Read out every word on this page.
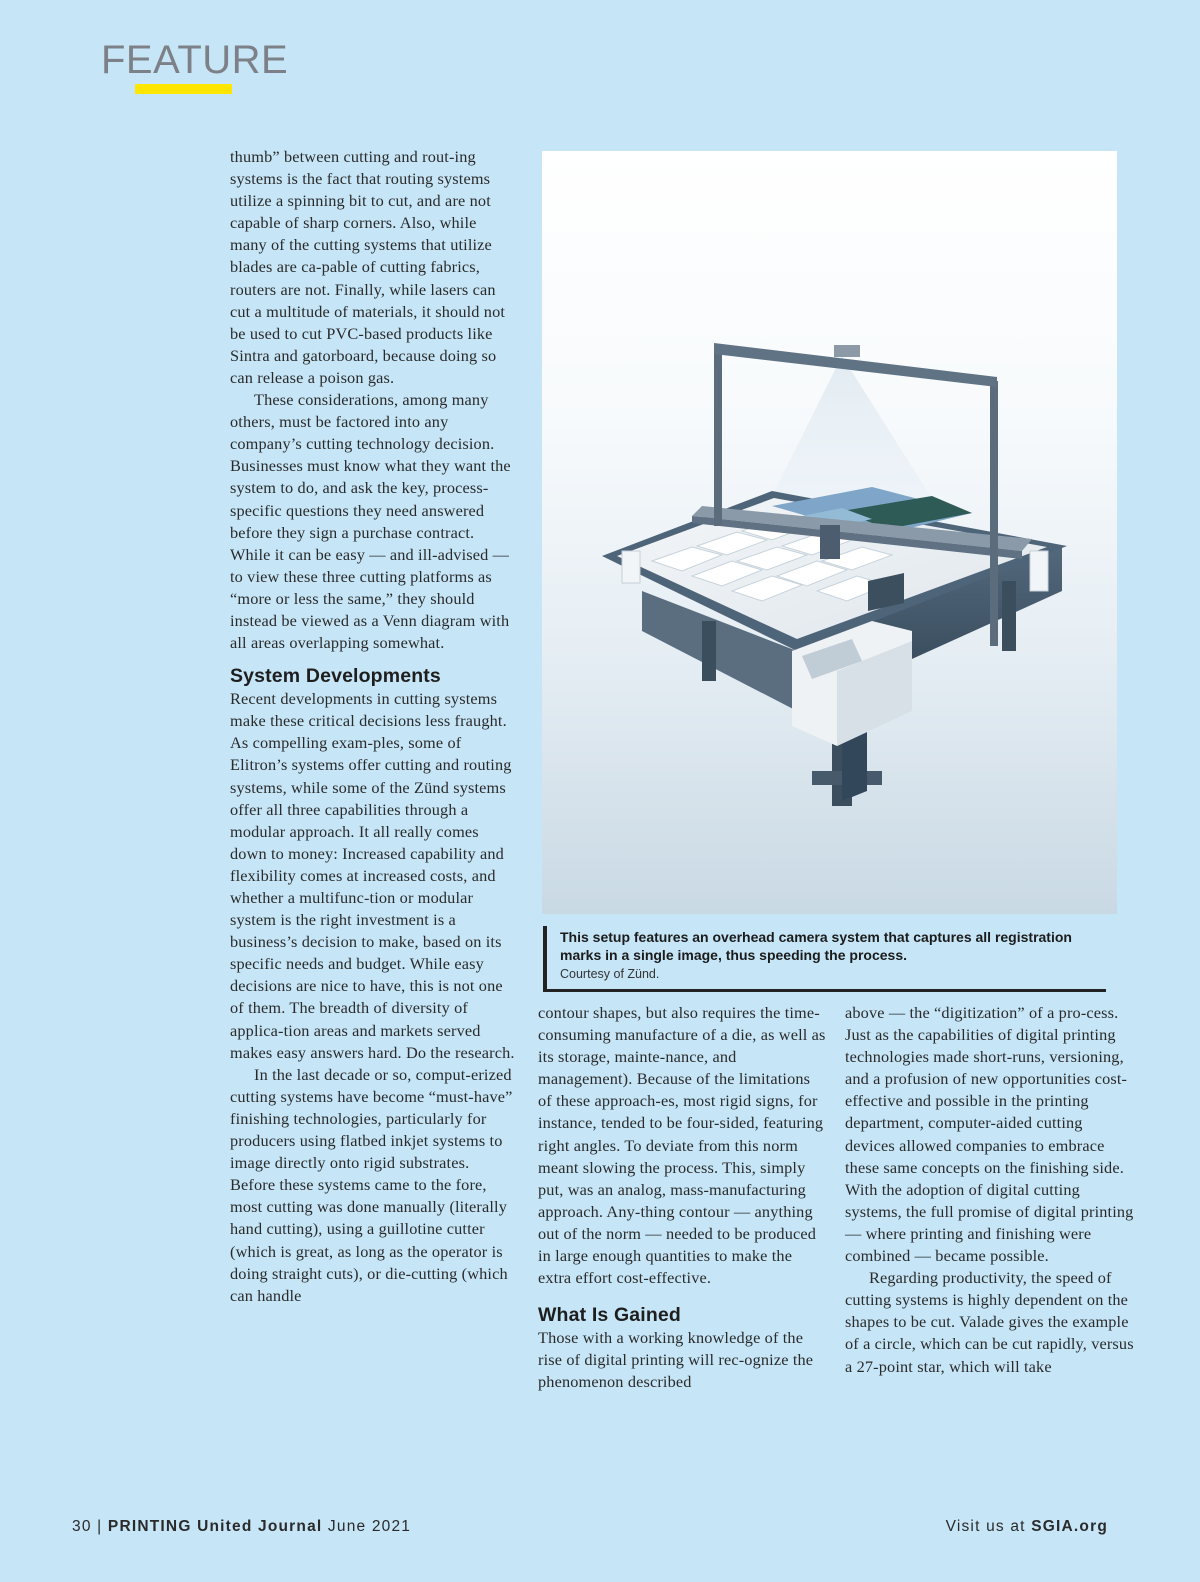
FEATURE

thumb” between cutting and rout-ing systems is the fact that routing systems utilize a spinning bit to cut, and are not capable of sharp corners. Also, while many of the cutting systems that utilize blades are ca-pable of cutting fabrics, routers are not. Finally, while lasers can cut a multitude of materials, it should not be used to cut PVC-based products like Sintra and gatorboard, because doing so can release a poison gas.

These considerations, among many others, must be factored into any company’s cutting technology decision. Businesses must know what they want the system to do, and ask the key, process-specific questions they need answered before they sign a purchase contract. While it can be easy — and ill-advised — to view these three cutting platforms as “more or less the same,” they should instead be viewed as a Venn diagram with all areas overlapping somewhat.

System Developments

Recent developments in cutting systems make these critical decisions less fraught. As compelling exam-ples, some of Elitron’s systems offer cutting and routing systems, while some of the Zünd systems offer all three capabilities through a modular approach. It all really comes down to money: Increased capability and flexibility comes at increased costs, and whether a multifunc-tion or modular system is the right investment is a business’s decision to make, based on its specific needs and budget. While easy decisions are nice to have, this is not one of them. The breadth of diversity of applica-tion areas and markets served makes easy answers hard. Do the research.

In the last decade or so, comput-erized cutting systems have become “must-have” finishing technologies, particularly for producers using flatbed inkjet systems to image directly onto rigid substrates. Before these systems came to the fore, most cutting was done manually (literally hand cutting), using a guillotine cutter (which is great, as long as the operator is doing straight cuts), or die-cutting (which can handle

This setup features an overhead camera system that captures all registration marks in a single image, thus speeding the process.
Courtesy of Zünd.

contour shapes, but also requires the time-consuming manufacture of a die, as well as its storage, mainte-nance, and management). Because of the limitations of these approach-es, most rigid signs, for instance, tended to be four-sided, featuring right angles. To deviate from this norm meant slowing the process. This, simply put, was an analog, mass-manufacturing approach. Any-thing contour — anything out of the norm — needed to be produced in large enough quantities to make the extra effort cost-effective.

What Is Gained

Those with a working knowledge of the rise of digital printing will rec-ognize the phenomenon described

above — the “digitization” of a pro-cess. Just as the capabilities of digital printing technologies made short-runs, versioning, and a profusion of new opportunities cost-effective and possible in the printing department, computer-aided cutting devices allowed companies to embrace these same concepts on the finishing side. With the adoption of digital cutting systems, the full promise of digital printing — where printing and finishing were combined — became possible.

Regarding productivity, the speed of cutting systems is highly dependent on the shapes to be cut. Valade gives the example of a circle, which can be cut rapidly, versus a 27-point star, which will take

30 | PRINTING United Journal June 2021	Visit us at SGIA.org
